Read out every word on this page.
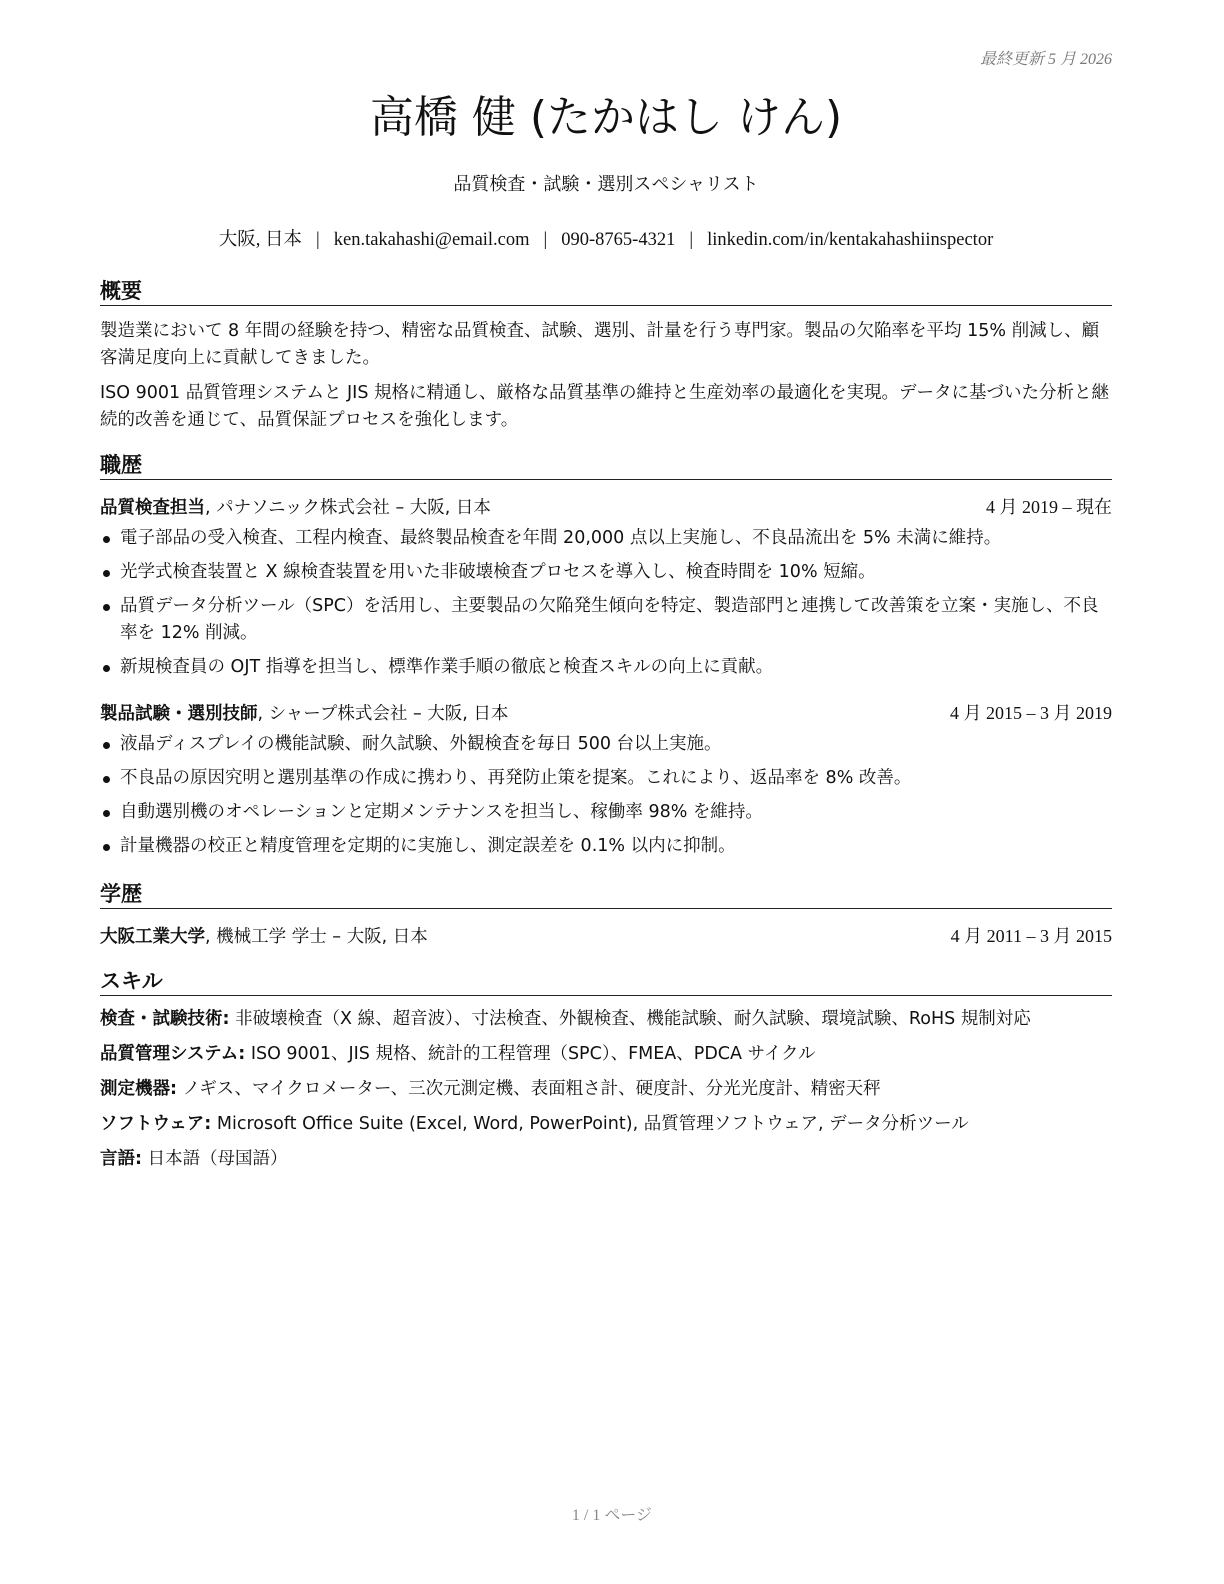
最終更新 5 月 2026
高橋 健 (たかはし けん)
品質検査・試験・選別スペシャリスト
大阪, 日本 | ken.takahashi@email.com | 090-8765-4321 | linkedin.com/in/kentakahashiinspector
概要

製造業において 8 年間の経験を持つ、精密な品質検査、試験、選別、計量を行う専門家。製品の欠陥率を平均 15% 削減し、顧客満足度向上に貢献してきました。

ISO 9001 品質管理システムと JIS 規格に精通し、厳格な品質基準の維持と生産効率の最適化を実現。データに基づいた分析と継続的改善を通じて、品質保証プロセスを強化します。

職歴
品質検査担当, パナソニック株式会社 – 大阪, 日本	4 月 2019 – 現在
電子部品の受入検査、工程内検査、最終製品検査を年間 20,000 点以上実施し、不良品流出を 5% 未満に維持。
光学式検査装置と X 線検査装置を用いた非破壊検査プロセスを導入し、検査時間を 10% 短縮。
品質データ分析ツール（SPC）を活用し、主要製品の欠陥発生傾向を特定、製造部門と連携して改善策を立案・実施し、不良率を 12% 削減。
新規検査員の OJT 指導を担当し、標準作業手順の徹底と検査スキルの向上に貢献。
製品試験・選別技師, シャープ株式会社 – 大阪, 日本	4 月 2015 – 3 月 2019
液晶ディスプレイの機能試験、耐久試験、外観検査を毎日 500 台以上実施。
不良品の原因究明と選別基準の作成に携わり、再発防止策を提案。これにより、返品率を 8% 改善。
自動選別機のオペレーションと定期メンテナンスを担当し、稼働率 98% を維持。
計量機器の校正と精度管理を定期的に実施し、測定誤差を 0.1% 以内に抑制。
学歴
大阪工業大学, 機械工学 学士 – 大阪, 日本	4 月 2011 – 3 月 2015
スキル
検査・試験技術: 非破壊検査（X 線、超音波）、寸法検査、外観検査、機能試験、耐久試験、環境試験、RoHS 規制対応
品質管理システム: ISO 9001、JIS 規格、統計的工程管理（SPC）、FMEA、PDCA サイクル
測定機器: ノギス、マイクロメーター、三次元測定機、表面粗さ計、硬度計、分光光度計、精密天秤
ソフトウェア: Microsoft Office Suite (Excel, Word, PowerPoint), 品質管理ソフトウェア, データ分析ツール
言語: 日本語（母国語）
1 / 1 ページ
